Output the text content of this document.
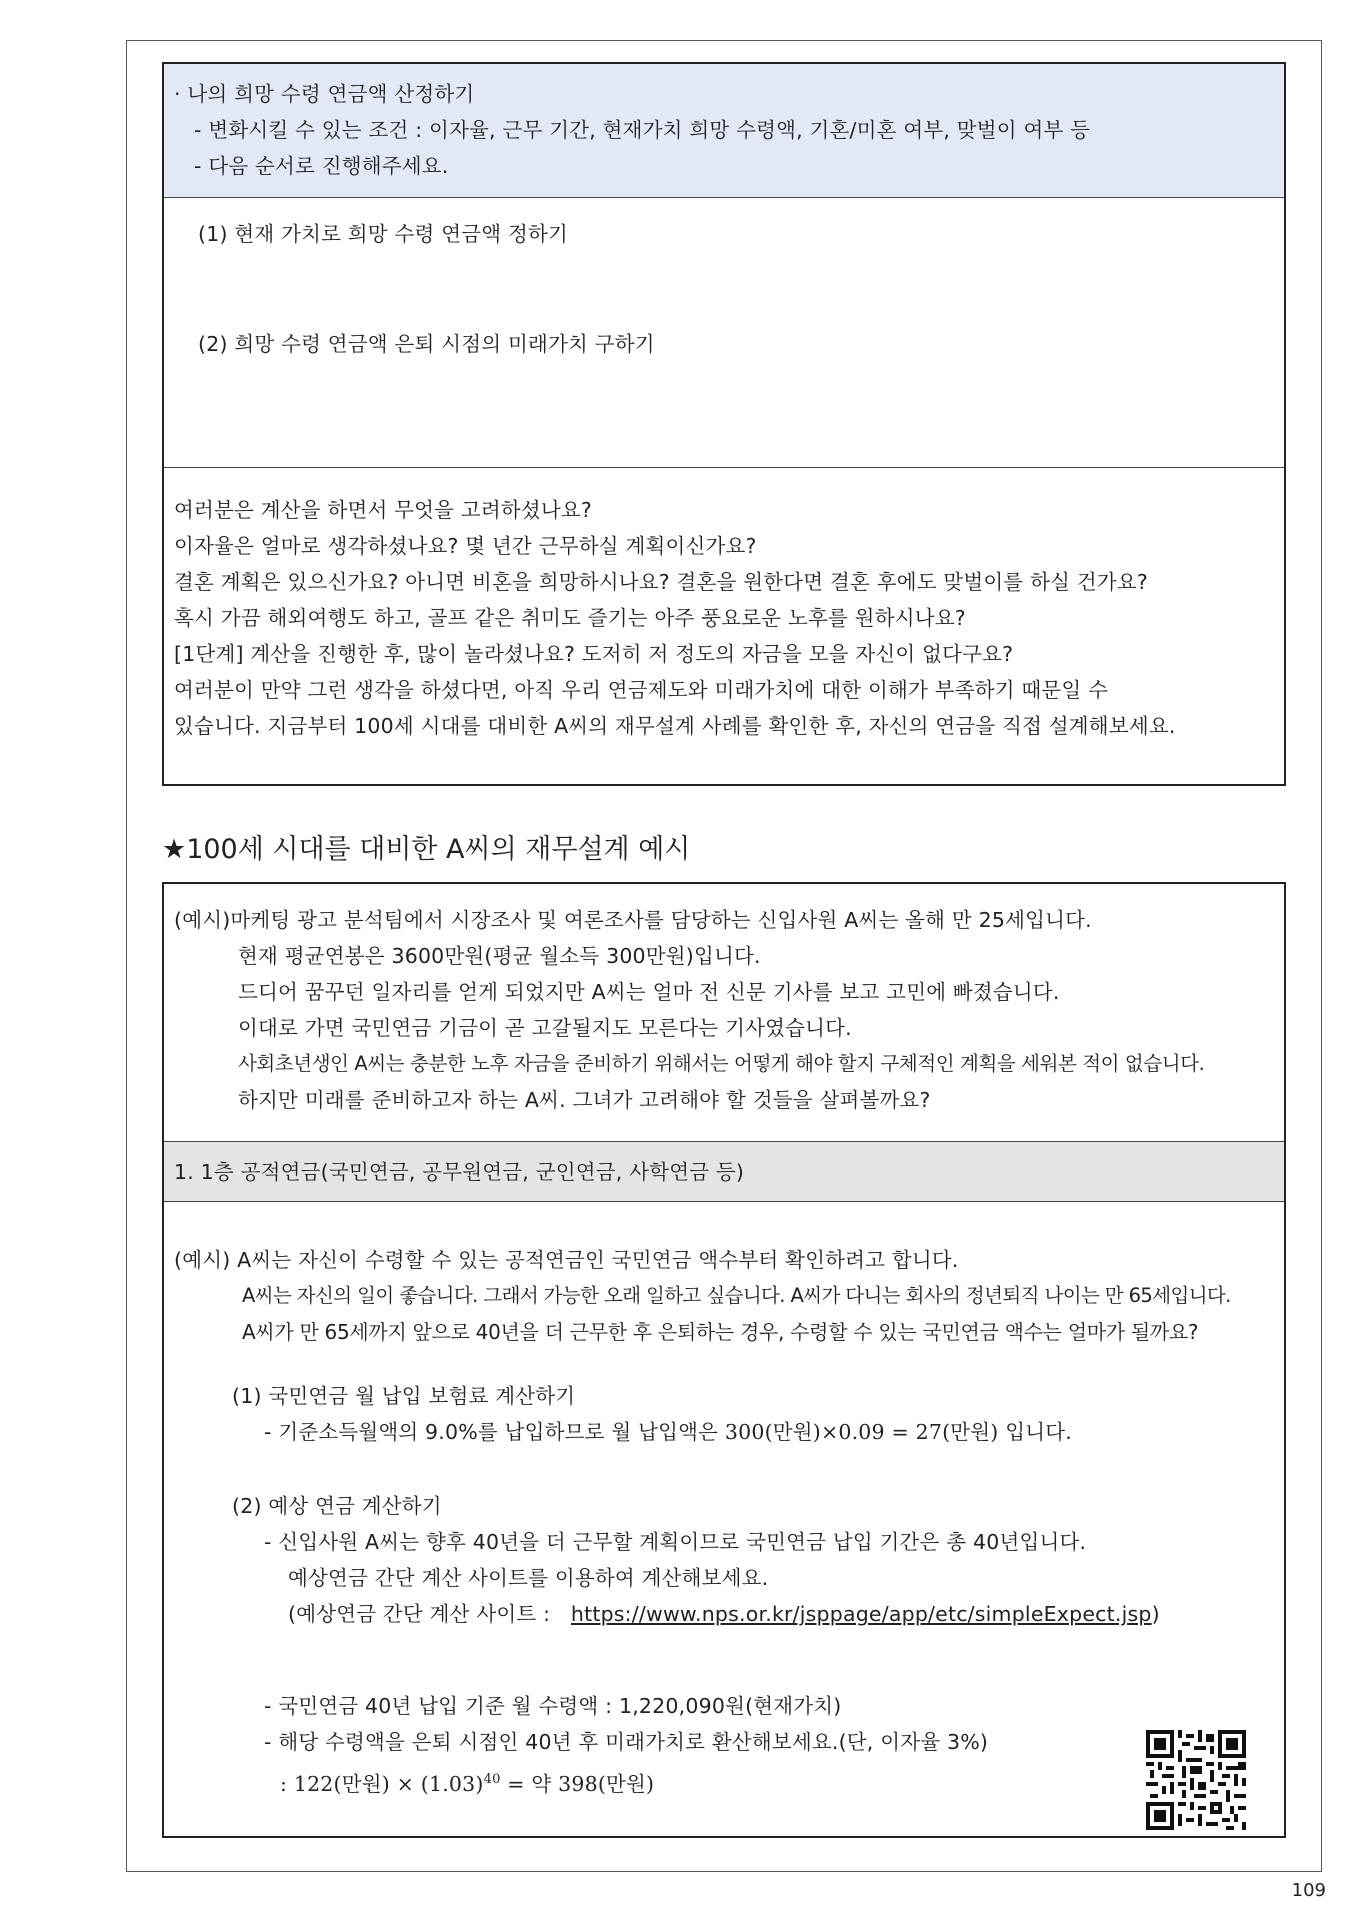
· 나의 희망 수령 연금액 산정하기
- 변화시킬 수 있는 조건 : 이자율, 근무 기간, 현재가치 희망 수령액, 기혼/미혼 여부, 맞벌이 여부 등
- 다음 순서로 진행해주세요.
(1) 현재 가치로 희망 수령 연금액 정하기
(2) 희망 수령 연금액 은퇴 시점의 미래가치 구하기
여러분은 계산을 하면서 무엇을 고려하셨나요?
이자율은 얼마로 생각하셨나요? 몇 년간 근무하실 계획이신가요?
결혼 계획은 있으신가요? 아니면 비혼을 희망하시나요? 결혼을 원한다면 결혼 후에도 맞벌이를 하실 건가요?
혹시 가끔 해외여행도 하고, 골프 같은 취미도 즐기는 아주 풍요로운 노후를 원하시나요?
[1단계] 계산을 진행한 후, 많이 놀라셨나요? 도저히 저 정도의 자금을 모을 자신이 없다구요?
여러분이 만약 그런 생각을 하셨다면, 아직 우리 연금제도와 미래가치에 대한 이해가 부족하기 때문일 수
있습니다. 지금부터 100세 시대를 대비한 A씨의 재무설계 사례를 확인한 후, 자신의 연금을 직접 설계해보세요.
★100세 시대를 대비한 A씨의 재무설계 예시
(예시)마케팅 광고 분석팀에서 시장조사 및 여론조사를 담당하는 신입사원 A씨는 올해 만 25세입니다.
현재 평균연봉은 3600만원(평균 월소득 300만원)입니다.
드디어 꿈꾸던 일자리를 얻게 되었지만 A씨는 얼마 전 신문 기사를 보고 고민에 빠졌습니다.
이대로 가면 국민연금 기금이 곧 고갈될지도 모른다는 기사였습니다.
사회초년생인 A씨는 충분한 노후 자금을 준비하기 위해서는 어떻게 해야 할지 구체적인 계획을 세워본 적이 없습니다.
하지만 미래를 준비하고자 하는 A씨. 그녀가 고려해야 할 것들을 살펴볼까요?
1. 1층 공적연금(국민연금, 공무원연금, 군인연금, 사학연금 등)
(예시) A씨는 자신이 수령할 수 있는 공적연금인 국민연금 액수부터 확인하려고 합니다.
A씨는 자신의 일이 좋습니다. 그래서 가능한 오래 일하고 싶습니다. A씨가 다니는 회사의 정년퇴직 나이는 만 65세입니다.
A씨가 만 65세까지 앞으로 40년을 더 근무한 후 은퇴하는 경우, 수령할 수 있는 국민연금 액수는 얼마가 될까요?
(1) 국민연금 월 납입 보험료 계산하기
- 기준소득월액의 9.0%를 납입하므로 월 납입액은 300(만원)×0.09 = 27(만원) 입니다.
(2) 예상 연금 계산하기
- 신입사원 A씨는 향후 40년을 더 근무할 계획이므로 국민연금 납입 기간은 총 40년입니다.
예상연금 간단 계산 사이트를 이용하여 계산해보세요.
(예상연금 간단 계산 사이트 : https://www.nps.or.kr/jsppage/app/etc/simpleExpect.jsp)
- 국민연금 40년 납입 기준 월 수령액 : 1,220,090원(현재가치)
- 해당 수령액을 은퇴 시점인 40년 후 미래가치로 환산해보세요.(단, 이자율 3%)
: 122(만원) × $(1.03)^{40}$ = 약 398(만원)
109
